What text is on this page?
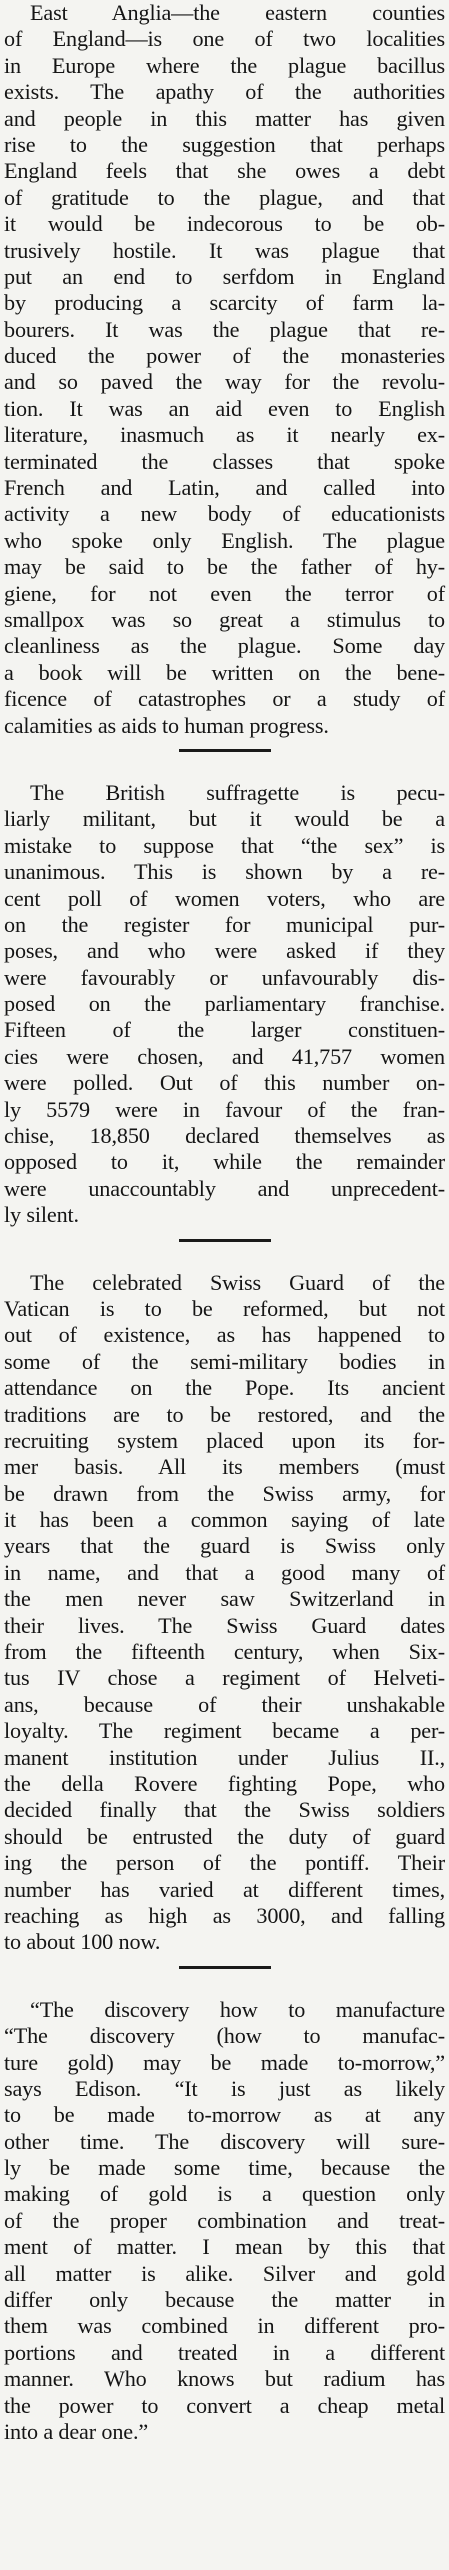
East Anglia—the eastern counties
of England—is one of two localities
in Europe where the plague bacillus
exists. The apathy of the authorities
and people in this matter has given
rise to the suggestion that perhaps
England feels that she owes a debt
of gratitude to the plague, and that
it would be indecorous to be ob-
trusively hostile. It was plague that
put an end to serfdom in England
by producing a scarcity of farm la-
bourers. It was the plague that re-
duced the power of the monasteries
and so paved the way for the revolu-
tion. It was an aid even to English
literature, inasmuch as it nearly ex-
terminated the classes that spoke
French and Latin, and called into
activity a new body of educationists
who spoke only English. The plague
may be said to be the father of hy-
giene, for not even the terror of
smallpox was so great a stimulus to
cleanliness as the plague. Some day
a book will be written on the bene-
ficence of catastrophes or a study of
calamities as aids to human progress.
The British suffragette is pecu-
liarly militant, but it would be a
mistake to suppose that “the sex” is
unanimous. This is shown by a re-
cent poll of women voters, who are
on the register for municipal pur-
poses, and who were asked if they
were favourably or unfavourably dis-
posed on the parliamentary franchise.
Fifteen of the larger constituen-
cies were chosen, and 41,757 women
were polled. Out of this number on-
ly 5579 were in favour of the fran-
chise, 18,850 declared themselves as
opposed to it, while the remainder
were unaccountably and unprecedent-
ly silent.
The celebrated Swiss Guard of the
Vatican is to be reformed, but not
out of existence, as has happened to
some of the semi-military bodies in
attendance on the Pope. Its ancient
traditions are to be restored, and the
recruiting system placed upon its for-
mer basis. All its members (must
be drawn from the Swiss army, for
it has been a common saying of late
years that the guard is Swiss only
in name, and that a good many of
the men never saw Switzerland in
their lives. The Swiss Guard dates
from the fifteenth century, when Six-
tus IV chose a regiment of Helveti-
ans, because of their unshakable
loyalty. The regiment became a per-
manent institution under Julius II.,
the della Rovere fighting Pope, who
decided finally that the Swiss soldiers
should be entrusted the duty of guard
ing the person of the pontiff. Their
number has varied at different times,
reaching as high as 3000, and falling
to about 100 now.
“The discovery how to manufacture
“The discovery (how to manufac-
ture gold) may be made to-morrow,”
says Edison. “It is just as likely
to be made to-morrow as at any
other time. The discovery will sure-
ly be made some time, because the
making of gold is a question only
of the proper combination and treat-
ment of matter. I mean by this that
all matter is alike. Silver and gold
differ only because the matter in
them was combined in different pro-
portions and treated in a different
manner. Who knows but radium has
the power to convert a cheap metal
into a dear one.”
